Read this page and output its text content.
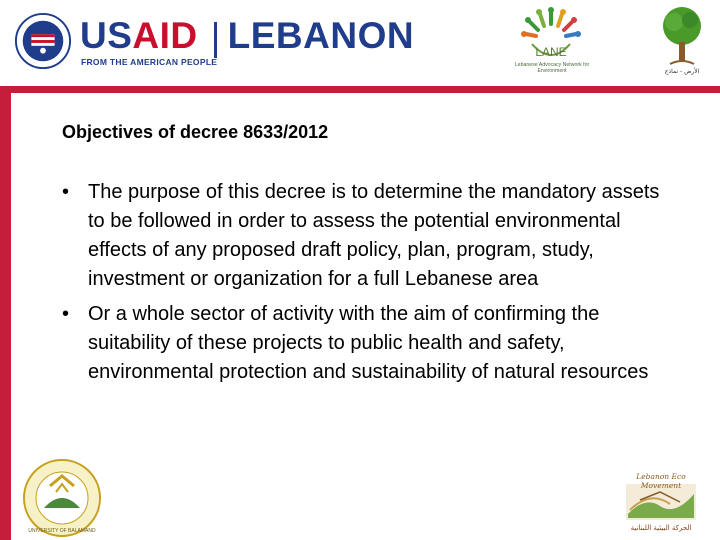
USAID LEBANON
FROM THE AMERICAN PEOPLE
LANE
Lebanese Advocacy Network for Environment	الأرض - نماذج
Objectives of decree 8633/2012
• The purpose of this decree is to determine the mandatory assets to be followed in order to assess the potential environmental effects of any proposed draft policy, plan, program, study, investment or organization for a full Lebanese area
• Or a whole sector of activity with the aim of confirming the suitability of these projects to public health and safety, environmental protection and sustainability of natural resources
UNIVERSITY OF BALAMAND
Lebanon Eco Movement
الحركة البيئية اللبنانية
